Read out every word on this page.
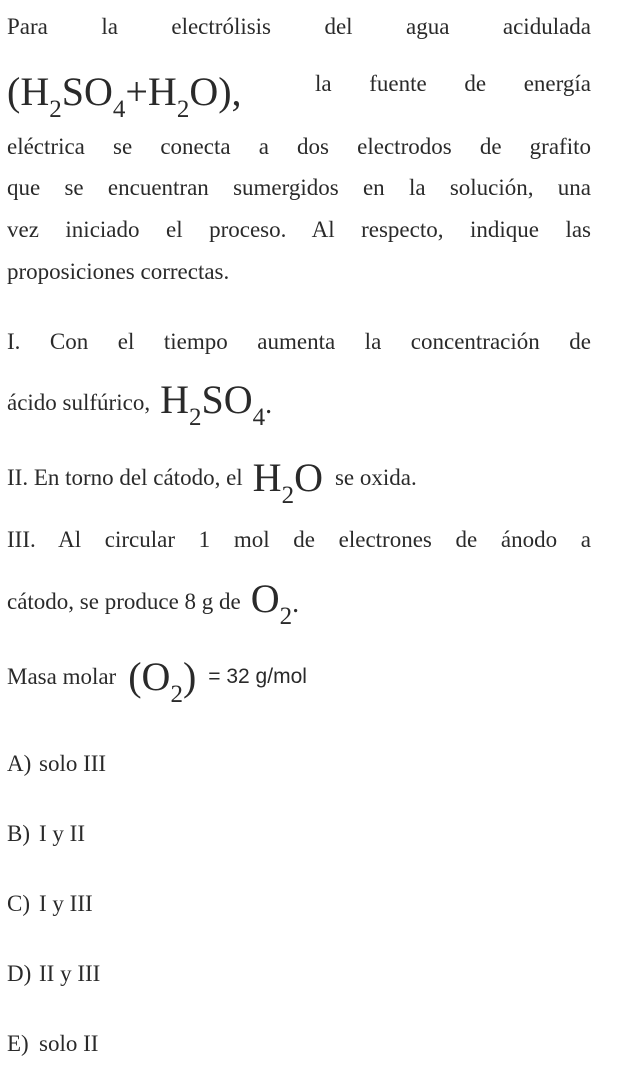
Para la electrólisis del agua acidulada
$(H_2SO_4+H_2O)$,	la fuente de energía
eléctrica se conecta a dos electrodos de grafito
que se encuentran sumergidos en la solución, una
vez iniciado el proceso. Al respecto, indique las
proposiciones correctas.
I. Con el tiempo aumenta la concentración de
ácido sulfúrico, $H_2SO_4$.
II. En torno del cátodo, el $H_2O$ se oxida.
III. Al circular 1 mol de electrones de ánodo a
cátodo, se produce 8 g de $O_2$.
Masa molar $(O_2) = 32$ g/mol
A) solo III
B) I y II
C) I y III
D) II y III
E) solo II
